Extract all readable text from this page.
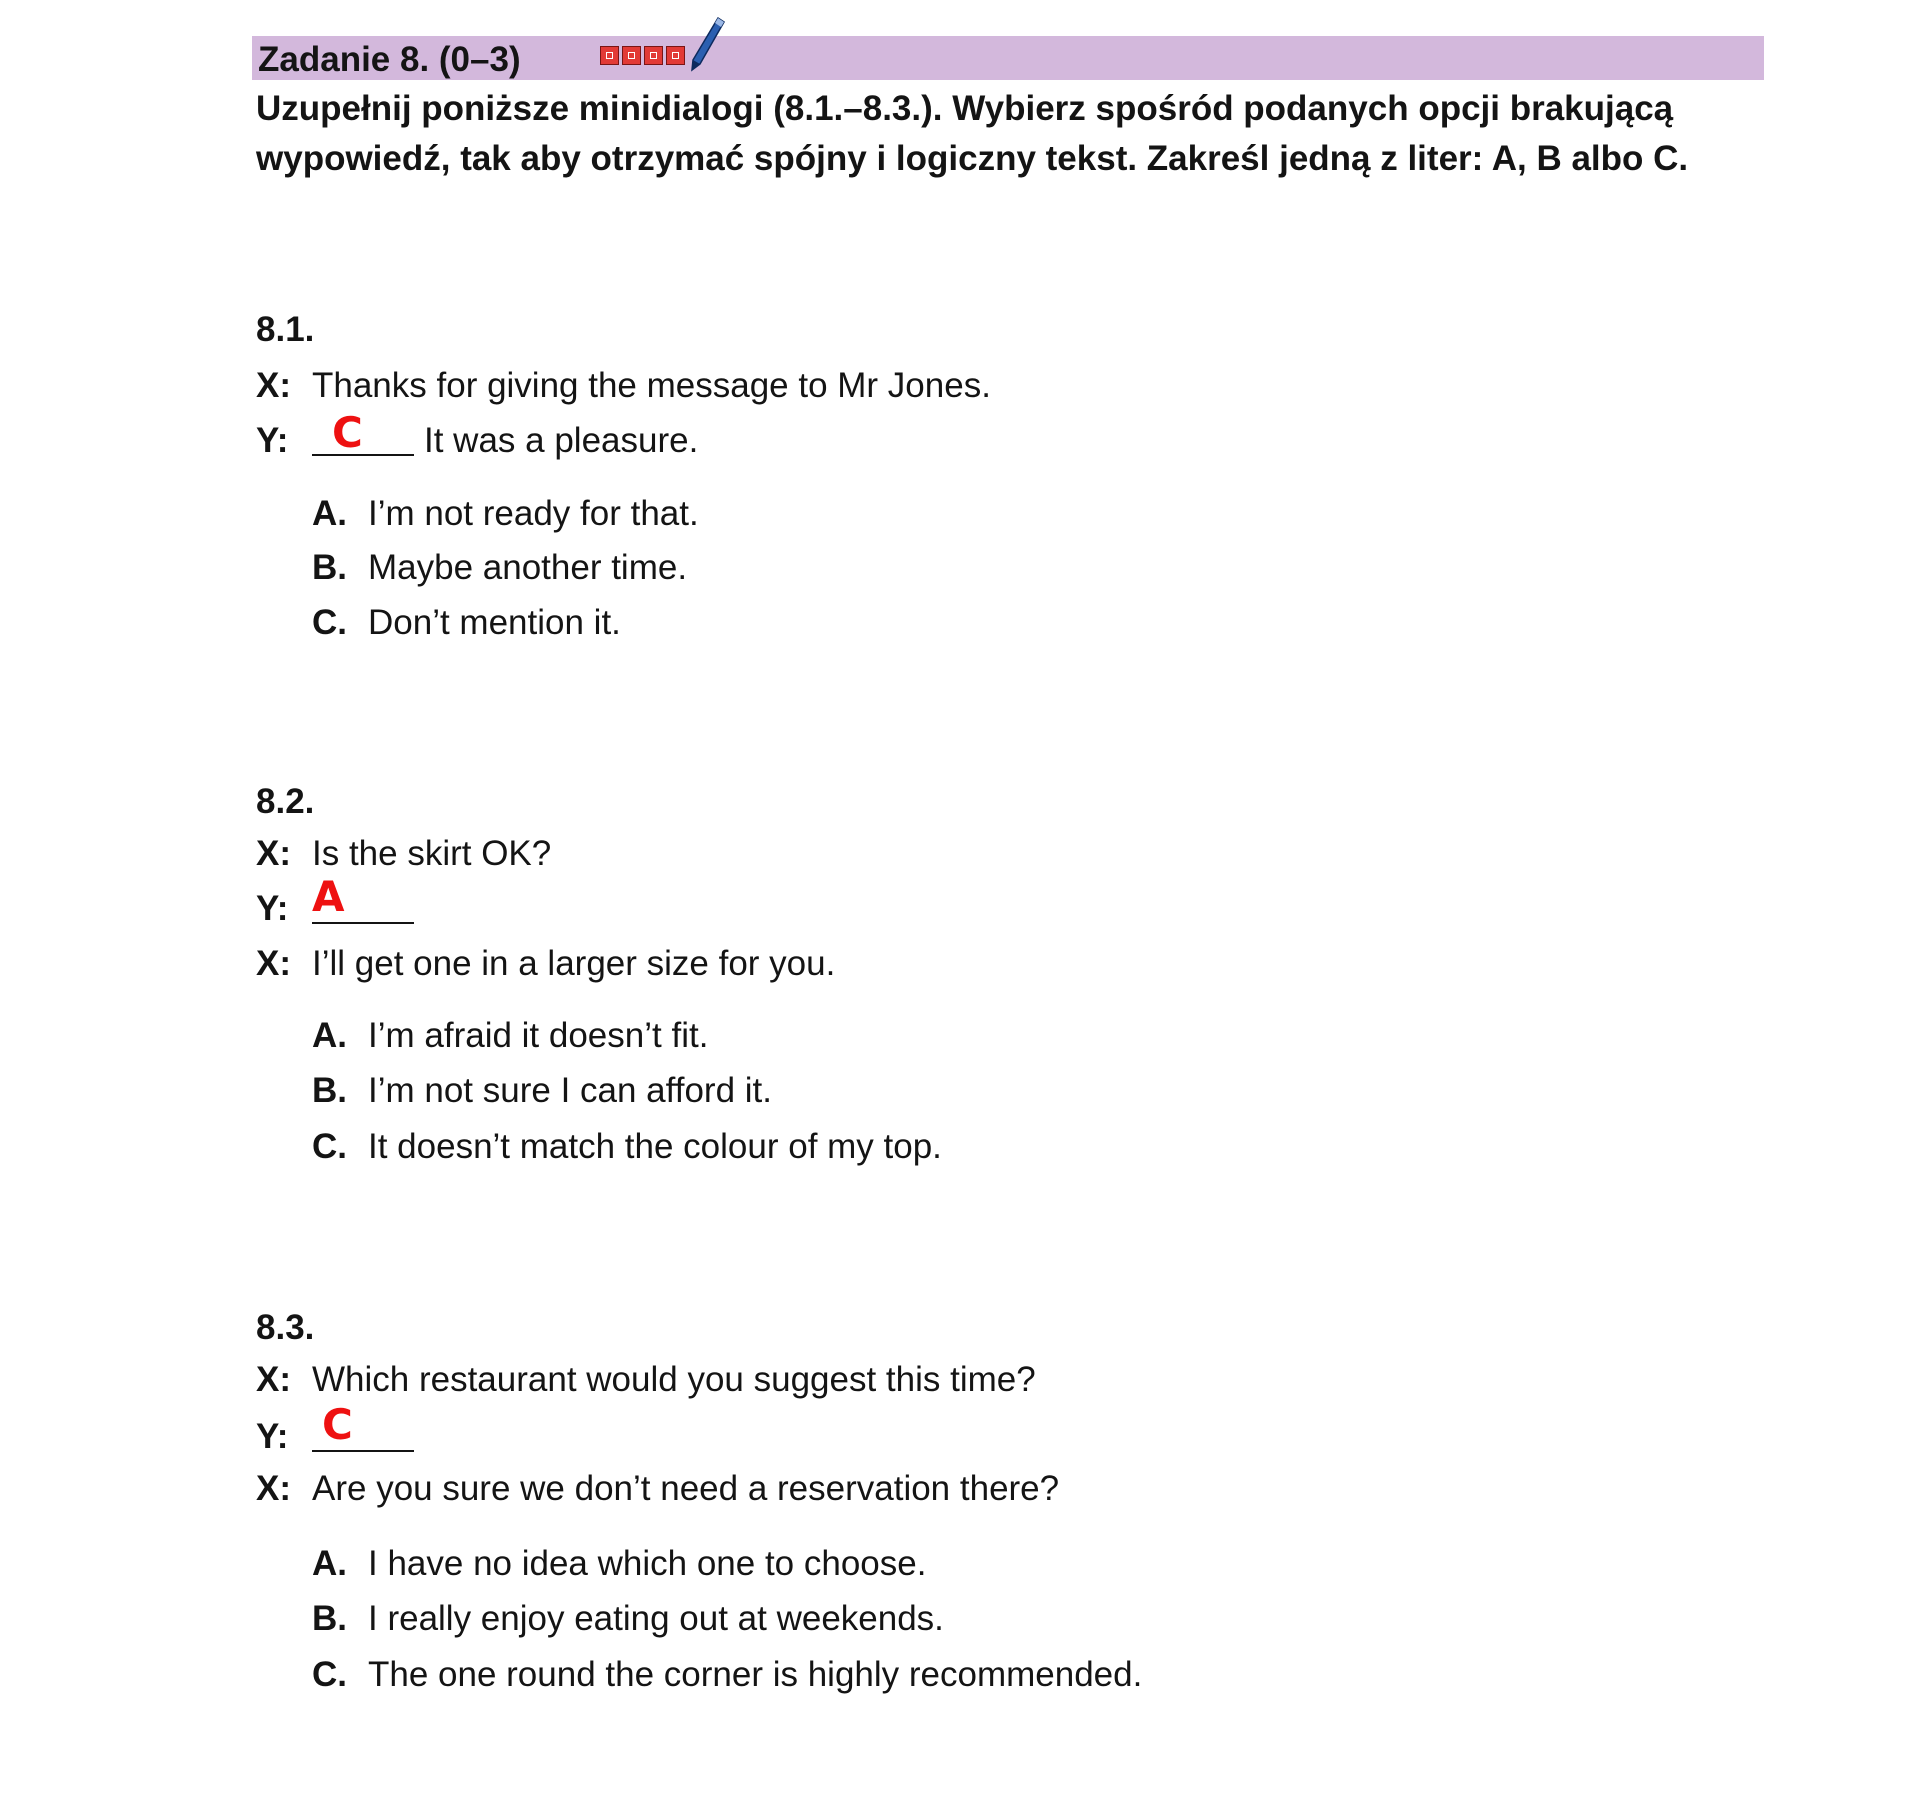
Zadanie 8. (0–3)

Uzupełnij poniższe minidialogi (8.1.–8.3.). Wybierz spośród podanych opcji brakującą

wypowiedź, tak aby otrzymać spójny i logiczny tekst. Zakreśl jedną z liter: A, B albo C.

8.1.
X: Thanks for giving the message to Mr Jones.
Y: C It was a pleasure.
A. I’m not ready for that.
B. Maybe another time.
C. Don’t mention it.
8.2.
X: Is the skirt OK?
Y: A
X: I’ll get one in a larger size for you.
A. I’m afraid it doesn’t fit.
B. I’m not sure I can afford it.
C. It doesn’t match the colour of my top.
8.3.
X: Which restaurant would you suggest this time?
Y: C
X: Are you sure we don’t need a reservation there?
A. I have no idea which one to choose.
B. I really enjoy eating out at weekends.
C. The one round the corner is highly recommended.
